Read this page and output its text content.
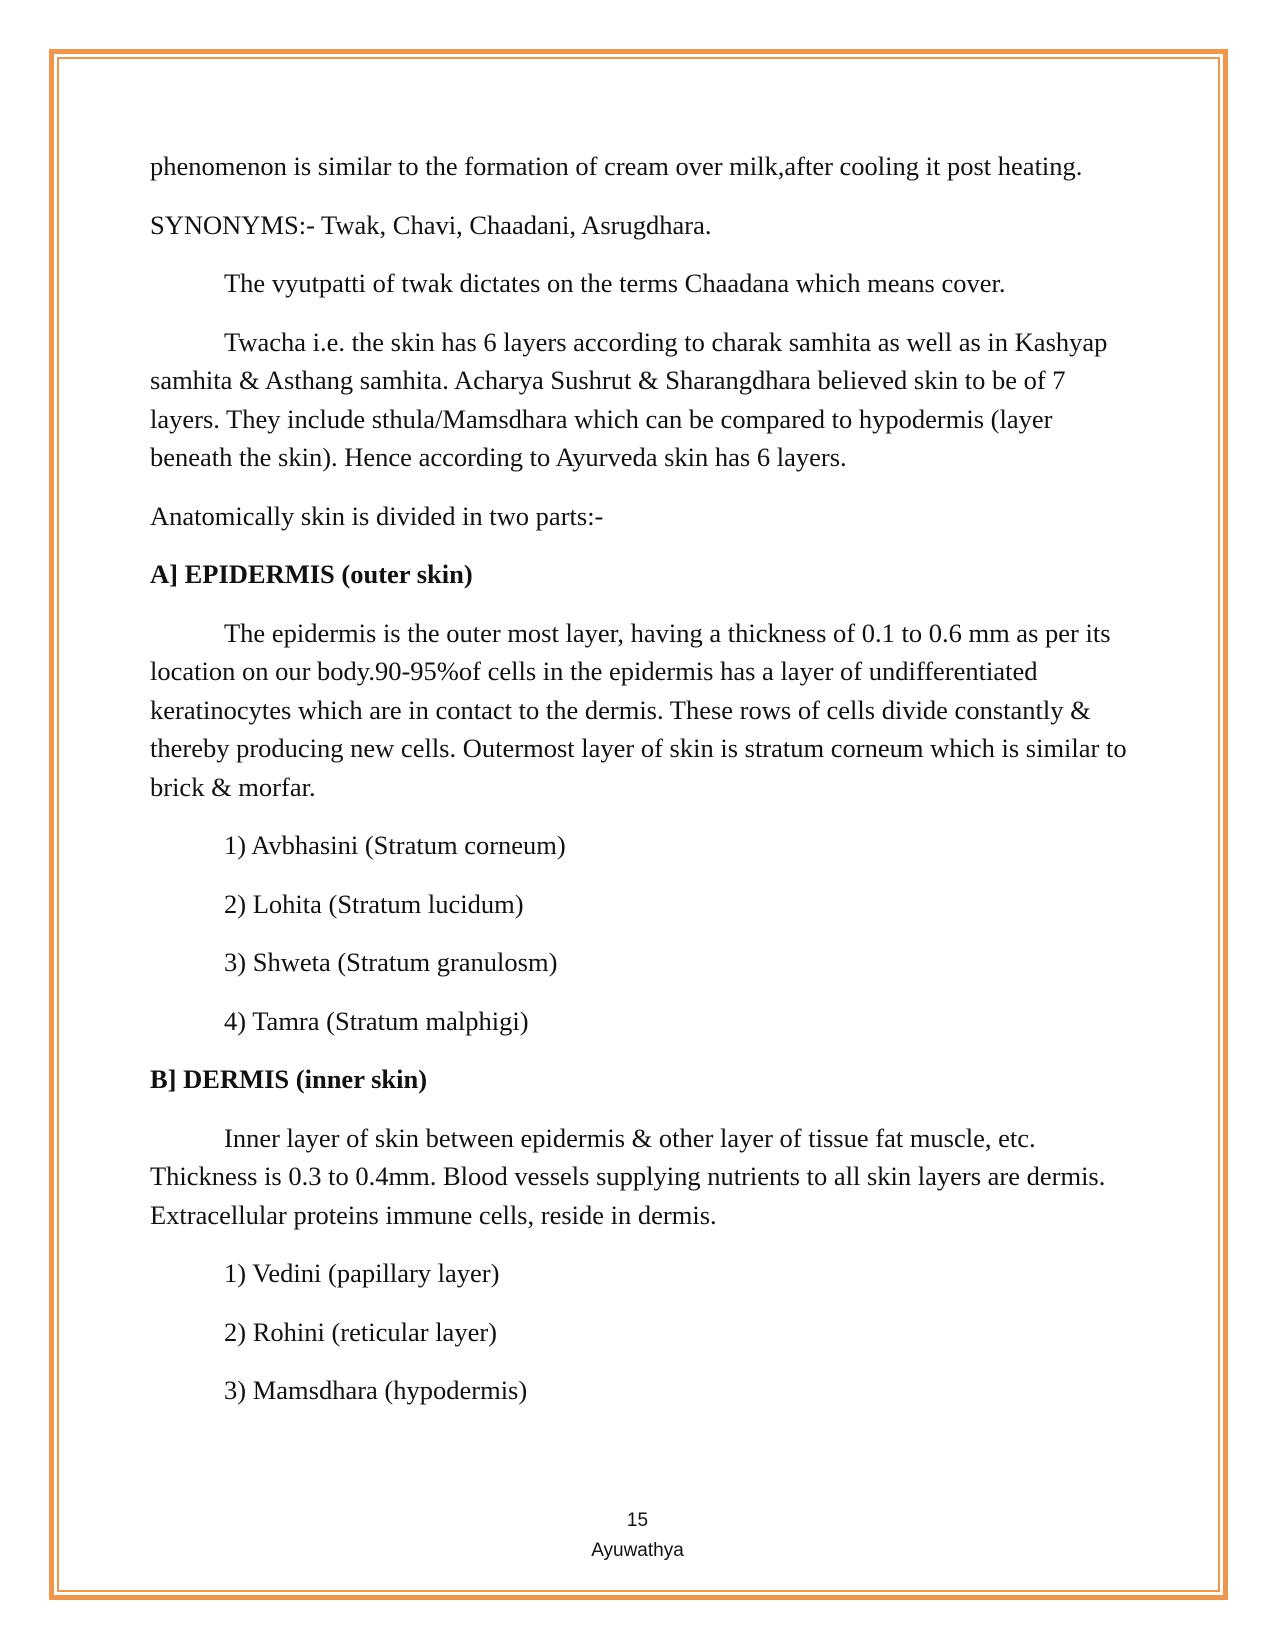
phenomenon is similar to the formation of cream over milk,after cooling it post heating.

SYNONYMS:- Twak, Chavi, Chaadani, Asrugdhara.

The vyutpatti of twak dictates on the terms Chaadana which means cover.

Twacha i.e. the skin has 6 layers according to charak samhita as well as in Kashyap samhita & Asthang samhita. Acharya Sushrut & Sharangdhara believed skin to be of 7 layers. They include sthula/Mamsdhara which can be compared to hypodermis (layer beneath the skin). Hence according to Ayurveda skin has 6 layers.

Anatomically skin is divided in two parts:-

A] EPIDERMIS (outer skin)

The epidermis is the outer most layer, having a thickness of 0.1 to 0.6 mm as per its location on our body.90-95%of cells in the epidermis has a layer of undifferentiated keratinocytes which are in contact to the dermis. These rows of cells divide constantly & thereby producing new cells. Outermost layer of skin is stratum corneum which is similar to brick & morfar.

1) Avbhasini (Stratum corneum)

2) Lohita (Stratum lucidum)

3) Shweta (Stratum granulosm)

4) Tamra (Stratum malphigi)

B] DERMIS (inner skin)

Inner layer of skin between epidermis & other layer of tissue fat muscle, etc. Thickness is 0.3 to 0.4mm. Blood vessels supplying nutrients to all skin layers are dermis. Extracellular proteins immune cells, reside in dermis.

1) Vedini (papillary layer)

2) Rohini (reticular layer)

3) Mamsdhara (hypodermis)

15
Ayuwathya
